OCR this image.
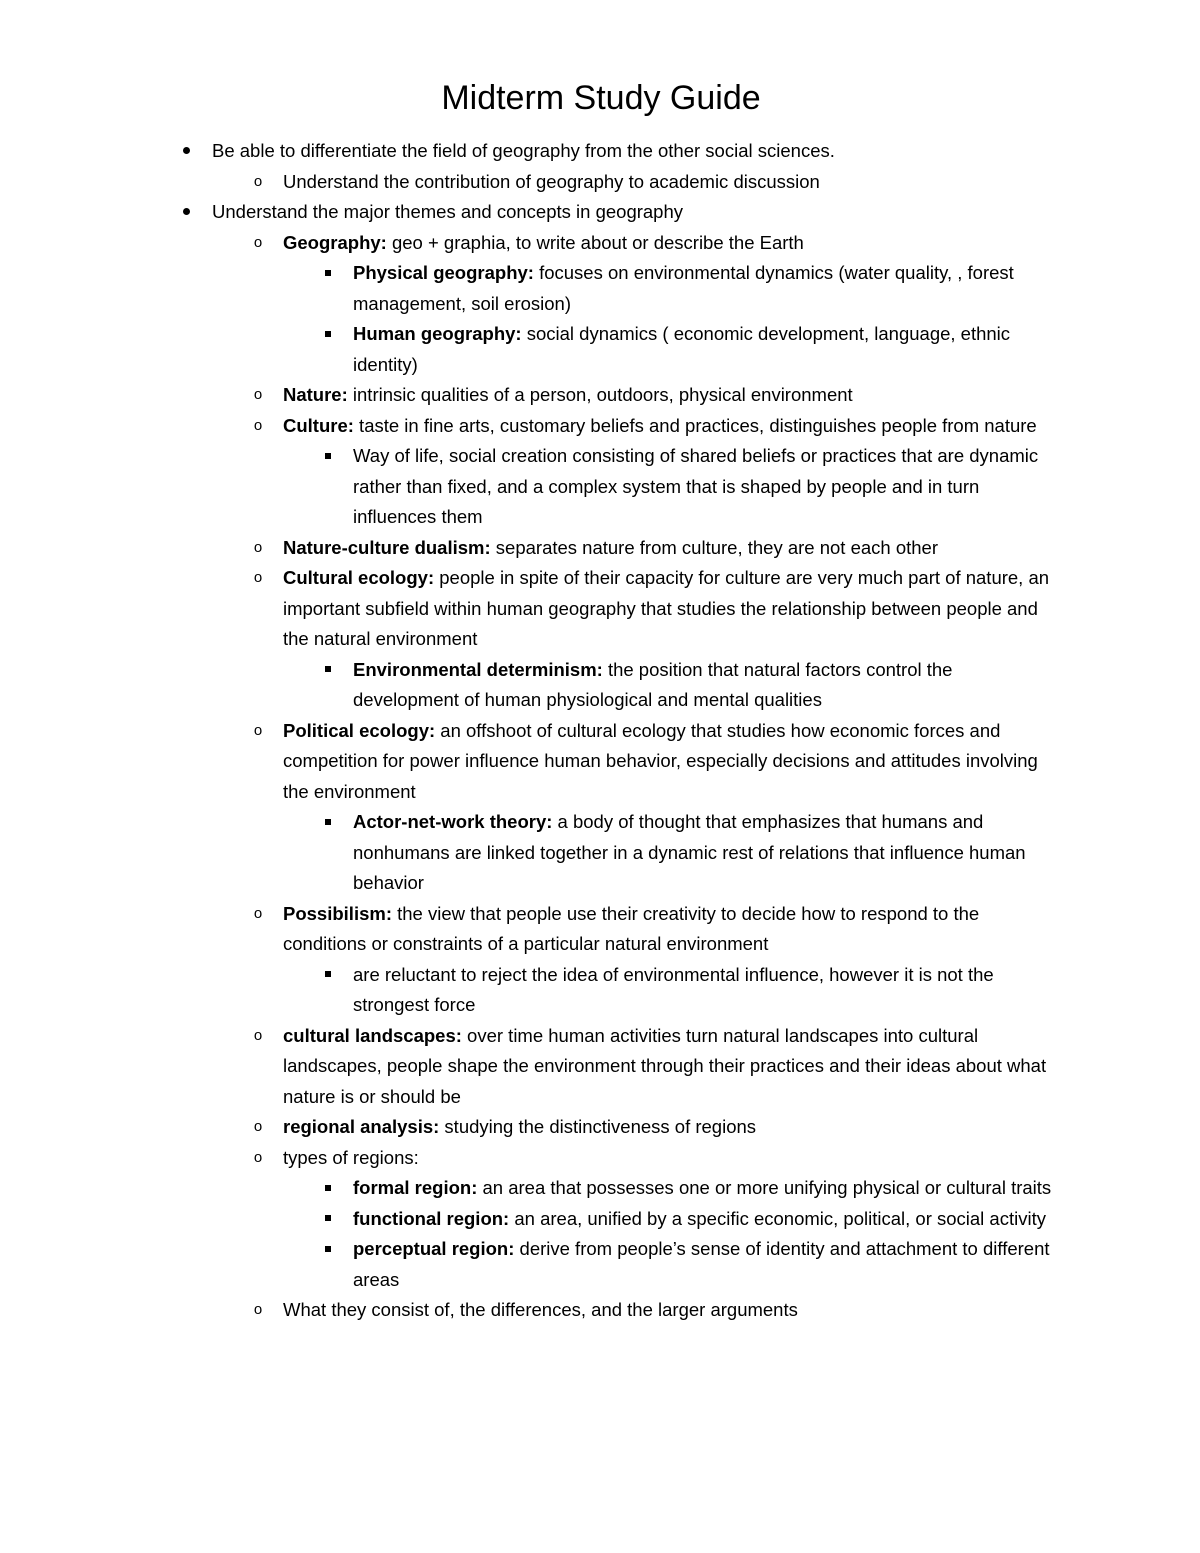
Midterm Study Guide
Be able to differentiate the field of geography from the other social sciences.
o	Understand the contribution of geography to academic discussion
Understand the major themes and concepts in geography
o	Geography: geo + graphia, to write about or describe the Earth
Physical geography: focuses on environmental dynamics (water quality, , forest management, soil erosion)
Human geography: social dynamics ( economic development, language, ethnic identity)
o	Nature: intrinsic qualities of a person, outdoors, physical environment
o	Culture: taste in fine arts, customary beliefs and practices, distinguishes people from nature
Way of life, social creation consisting of shared beliefs or practices that are dynamic rather than fixed, and a complex system that is shaped by people and in turn influences them
o	Nature-culture dualism: separates nature from culture, they are not each other
o	Cultural ecology: people in spite of their capacity for culture are very much part of nature, an important subfield within human geography that studies the relationship between people and the natural environment
Environmental determinism: the position that natural factors control the development of human physiological and mental qualities
o	Political ecology: an offshoot of cultural ecology that studies how economic forces and competition for power influence human behavior, especially decisions and attitudes involving the environment
Actor-net-work theory: a body of thought that emphasizes that humans and nonhumans are linked together in a dynamic rest of relations that influence human behavior
o	Possibilism: the view that people use their creativity to decide how to respond to the conditions or constraints of a particular natural environment
are reluctant to reject the idea of environmental influence, however it is not the strongest force
o	cultural landscapes: over time human activities turn natural landscapes into cultural landscapes, people shape the environment through their practices and their ideas about what nature is or should be
o	regional analysis: studying the distinctiveness of regions
o	types of regions:
formal region: an area that possesses one or more unifying physical or cultural traits
functional region: an area, unified by a specific economic, political, or social activity
perceptual region: derive from people’s sense of identity and attachment to different areas
o	What they consist of, the differences, and the larger arguments
